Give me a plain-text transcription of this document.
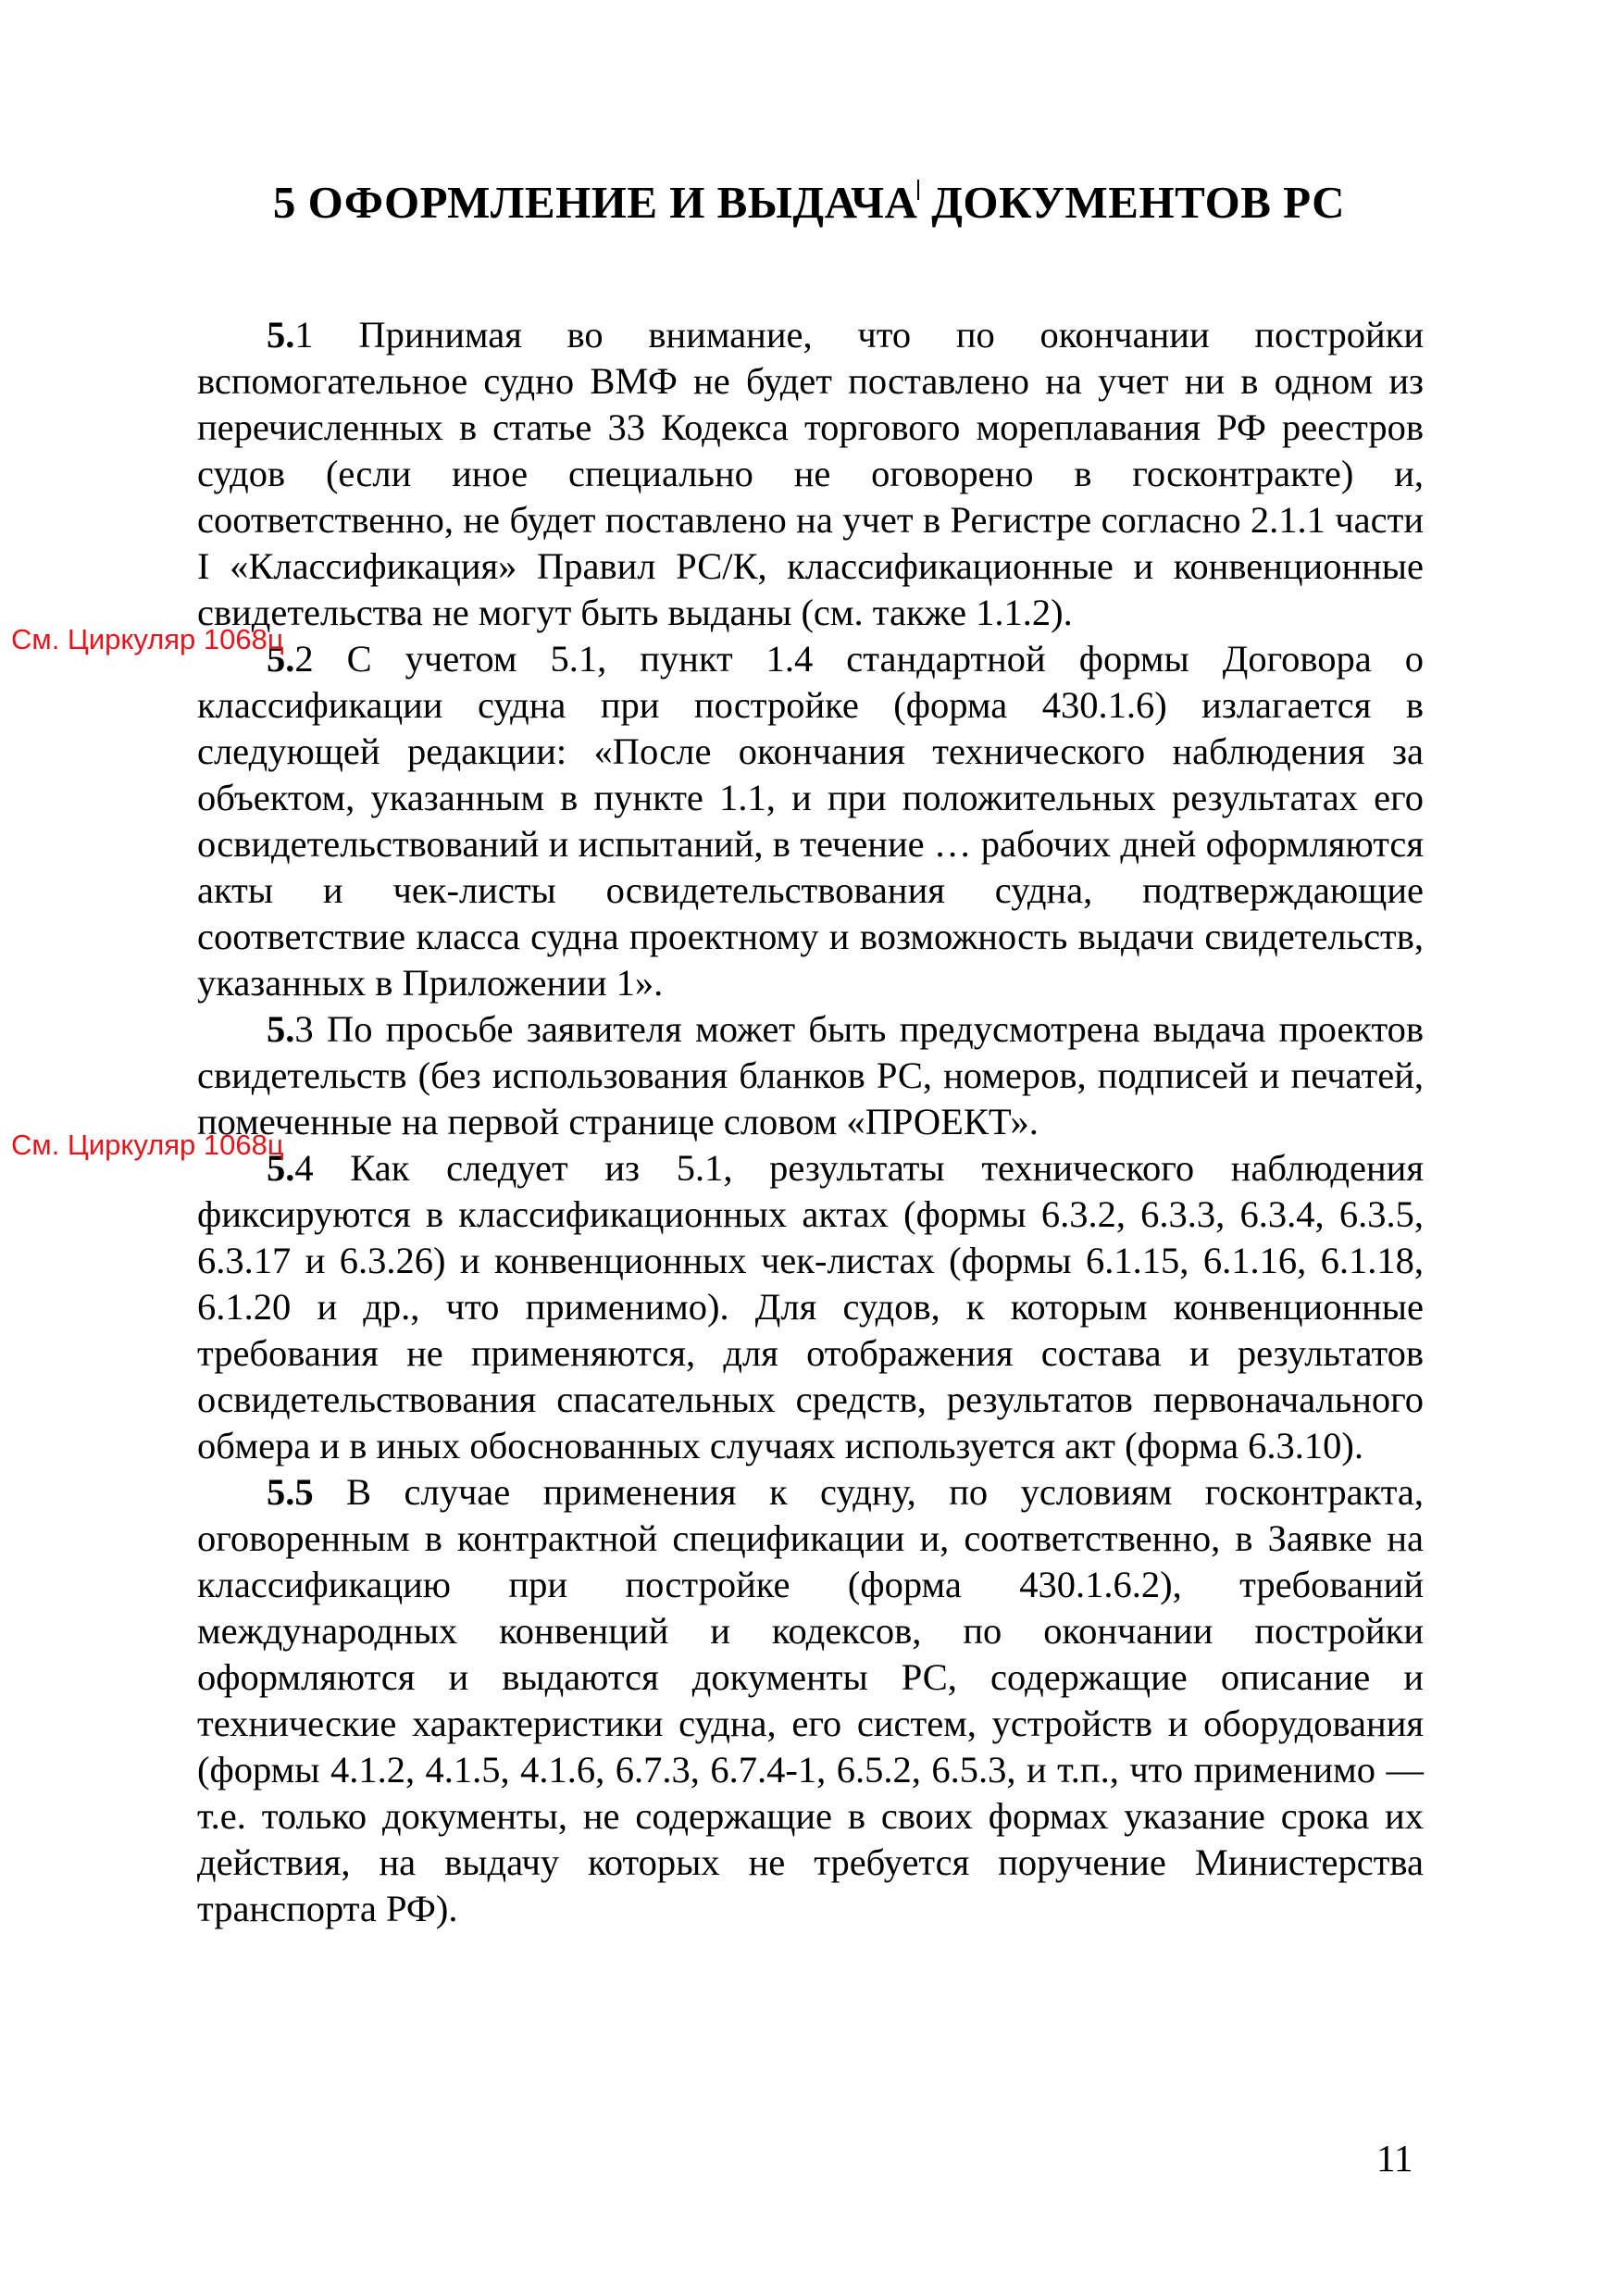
5 ОФОРМЛЕНИЕ И ВЫДАЧА ДОКУМЕНТОВ РС

5.1 Принимая во внимание, что по окончании постройки вспомогательное судно ВМФ не будет поставлено на учет ни в одном из перечисленных в статье 33 Кодекса торгового мореплавания РФ реестров судов (если иное специально не оговорено в госконтракте) и, соответственно, не будет поставлено на учет в Регистре согласно 2.1.1 части I «Классификация» Правил РС/К, классификационные и конвенционные свидетельства не могут быть выданы (см. также 1.1.2).

5.2 С учетом 5.1, пункт 1.4 стандартной формы Договора о классификации судна при постройке (форма 430.1.6) излагается в следующей редакции: «После окончания технического наблюдения за объектом, указанным в пункте 1.1, и при положительных результатах его освидетельствований и испытаний, в течение … рабочих дней оформляются акты и чек-листы освидетельствования судна, подтверждающие соответствие класса судна проектному и возможность выдачи свидетельств, указанных в Приложении 1».

5.3 По просьбе заявителя может быть предусмотрена выдача проектов свидетельств (без использования бланков РС, номеров, подписей и печатей, помеченные на первой странице словом «ПРОЕКТ».

5.4 Как следует из 5.1, результаты технического наблюдения фиксируются в классификационных актах (формы 6.3.2, 6.3.3, 6.3.4, 6.3.5, 6.3.17 и 6.3.26) и конвенционных чек-листах (формы 6.1.15, 6.1.16, 6.1.18, 6.1.20 и др., что применимо). Для судов, к которым конвенционные требования не применяются, для отображения состава и результатов освидетельствования спасательных средств, результатов первоначального обмера и в иных обоснованных случаях используется акт (форма 6.3.10).

5.5 В случае применения к судну, по условиям госконтракта, оговоренным в контрактной спецификации и, соответственно, в Заявке на классификацию при постройке (форма 430.1.6.2), требований международных конвенций и кодексов, по окончании постройки оформляются и выдаются документы РС, содержащие описание и технические характеристики судна, его систем, устройств и оборудования (формы 4.1.2, 4.1.5, 4.1.6, 6.7.3, 6.7.4-1, 6.5.2, 6.5.3, и т.п., что применимо — т.е. только документы, не содержащие в своих формах указание срока их действия, на выдачу которых не требуется поручение Министерства транспорта РФ).

См. Циркуляр 1068ц
См. Циркуляр 1068ц
11
